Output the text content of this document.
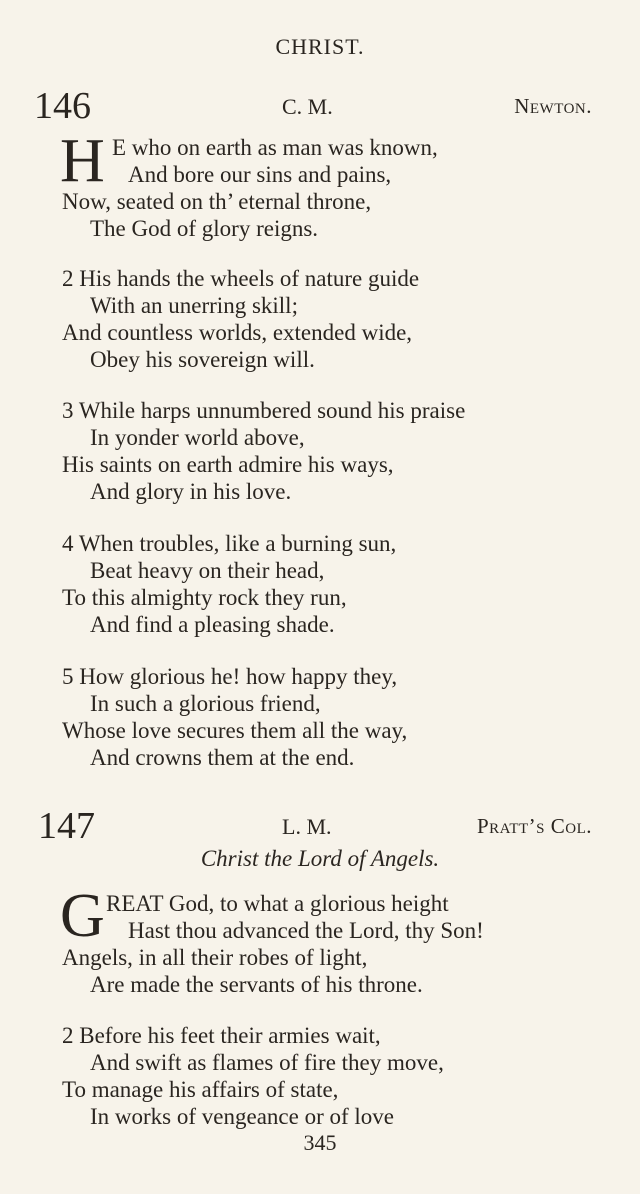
CHRIST.
146	C. M.	Newton.
H E who on earth as man was known,
And bore our sins and pains,
Now, seated on th’ eternal throne,
The God of glory reigns.
2 His hands the wheels of nature guide
With an unerring skill;
And countless worlds, extended wide,
Obey his sovereign will.
3 While harps unnumbered sound his praise
In yonder world above,
His saints on earth admire his ways,
And glory in his love.
4 When troubles, like a burning sun,
Beat heavy on their head,
To this almighty rock they run,
And find a pleasing shade.
5 How glorious he! how happy they,
In such a glorious friend,
Whose love secures them all the way,
And crowns them at the end.
147	L. M.	Pratt’s Col.
Christ the Lord of Angels.
G REAT God, to what a glorious height
Hast thou advanced the Lord, thy Son!
Angels, in all their robes of light,
Are made the servants of his throne.
2 Before his feet their armies wait,
And swift as flames of fire they move,
To manage his affairs of state,
In works of vengeance or of love
345
